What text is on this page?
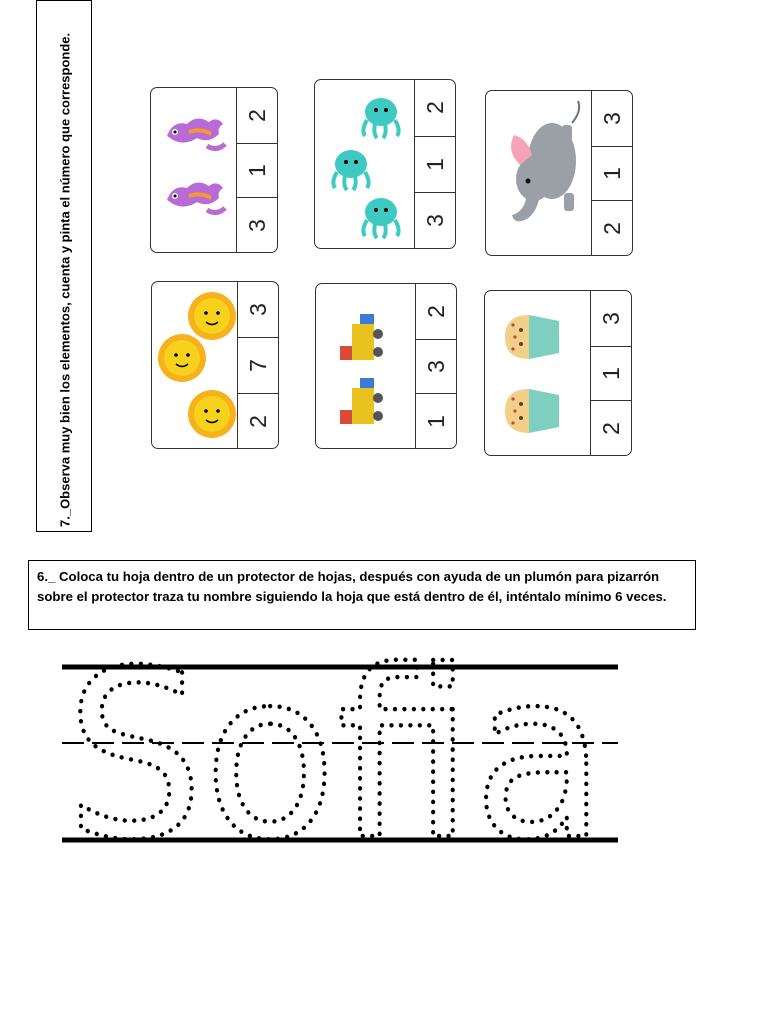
7._Observa muy bien los elementos, cuenta y pinta el número que corresponde.	2
1
3
2
1
3
3
1
2
3
7
2
2
3
1
3
1
2
6._ Coloca tu hoja dentro de un protector de hojas, después con ayuda de un plumón para pizarrón sobre el protector traza tu nombre siguiendo la hoja que está dentro de él, inténtalo mínimo 6 veces.
Sofia
